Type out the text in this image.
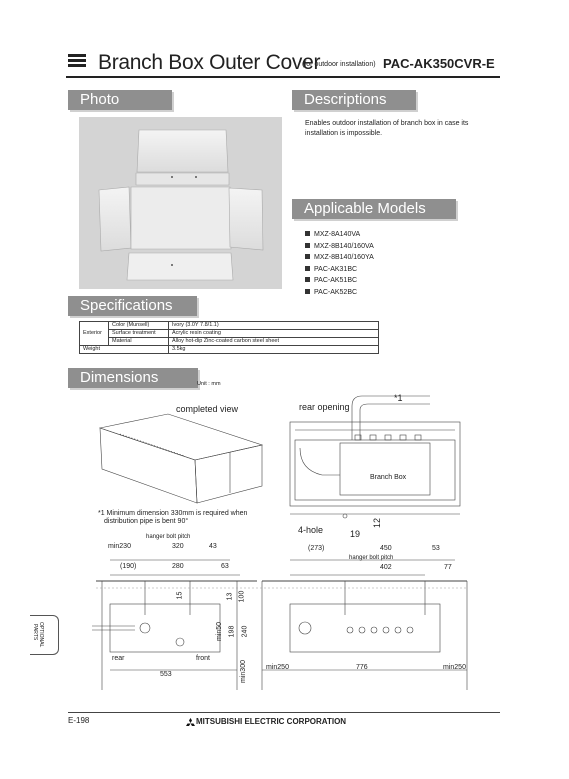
Branch Box Outer Cover
(for outdoor installation) PAC-AK350CVR-E
Photo	Descriptions
Applicable Models
Specifications
Dimensions
Enables outdoor installation of branch box in case its installation is impossible.
MXZ-8A140VA
MXZ-8B140/160VA
MXZ-8B140/160YA
PAC-AK31BC
PAC-AK51BC
PAC-AK52BC
Exterior	Color (Munsell)	Ivory (3.0Y 7.8/1.1)
	Surface treatment	Acrylic resin coating
	Material	Alloy hot-dip Zinc-coated carbon steel sheet
Weight		3.5kg
Unit : mm
completed view	rear opening
*1
Branch Box
4-hole	19
12
*1 Minimum dimension 330mm is required when
distribution pipe is bent 90°
hanger bolt pitch
min230	320	43
(190)	280	63
15	13 100
min50 198 240
rear	front
553	min300
(273)	450	53
hanger bolt pitch
402	77
min250	776	min250
OPTIONAL
PARTS
E-198	MITSUBISHI ELECTRIC CORPORATION
